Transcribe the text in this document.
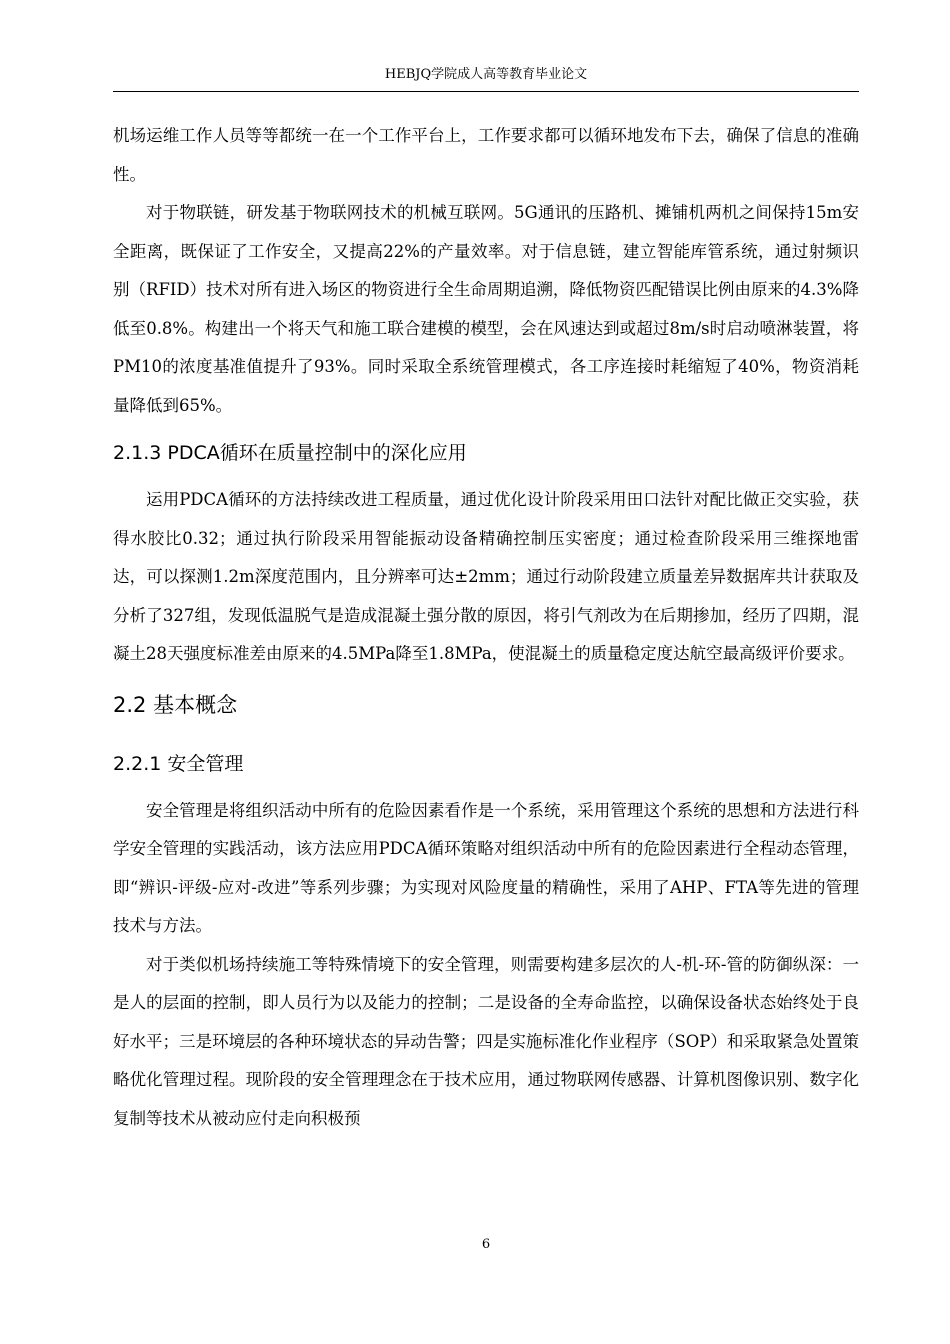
HEBJQ学院成人高等教育毕业论文

机场运维工作人员等等都统一在一个工作平台上，工作要求都可以循环地发布下去，确保了信息的准确性。

对于物联链，研发基于物联网技术的机械互联网。5G通讯的压路机、摊铺机两机之间保持15m安全距离，既保证了工作安全，又提高22%的产量效率。对于信息链，建立智能库管系统，通过射频识别（RFID）技术对所有进入场区的物资进行全生命周期追溯，降低物资匹配错误比例由原来的4.3%降低至0.8%。构建出一个将天气和施工联合建模的模型，会在风速达到或超过8m/s时启动喷淋装置，将PM10的浓度基准值提升了93%。同时采取全系统管理模式，各工序连接时耗缩短了40%，物资消耗量降低到65%。

2.1.3 PDCA循环在质量控制中的深化应用

运用PDCA循环的方法持续改进工程质量，通过优化设计阶段采用田口法针对配比做正交实验，获得水胶比0.32；通过执行阶段采用智能振动设备精确控制压实密度；通过检查阶段采用三维探地雷达，可以探测1.2m深度范围内，且分辨率可达±2mm；通过行动阶段建立质量差异数据库共计获取及分析了327组，发现低温脱气是造成混凝土强分散的原因，将引气剂改为在后期掺加，经历了四期，混凝土28天强度标准差由原来的4.5MPa降至1.8MPa，使混凝土的质量稳定度达航空最高级评价要求。

2.2 基本概念
2.2.1 安全管理

安全管理是将组织活动中所有的危险因素看作是一个系统，采用管理这个系统的思想和方法进行科学安全管理的实践活动，该方法应用PDCA循环策略对组织活动中所有的危险因素进行全程动态管理，即“辨识-评级-应对-改进”等系列步骤；为实现对风险度量的精确性，采用了AHP、FTA等先进的管理技术与方法。

对于类似机场持续施工等特殊情境下的安全管理，则需要构建多层次的人-机-环-管的防御纵深：一是人的层面的控制，即人员行为以及能力的控制；二是设备的全寿命监控，以确保设备状态始终处于良好水平；三是环境层的各种环境状态的异动告警；四是实施标准化作业程序（SOP）和采取紧急处置策略优化管理过程。现阶段的安全管理理念在于技术应用，通过物联网传感器、计算机图像识别、数字化复制等技术从被动应付走向积极预

6
